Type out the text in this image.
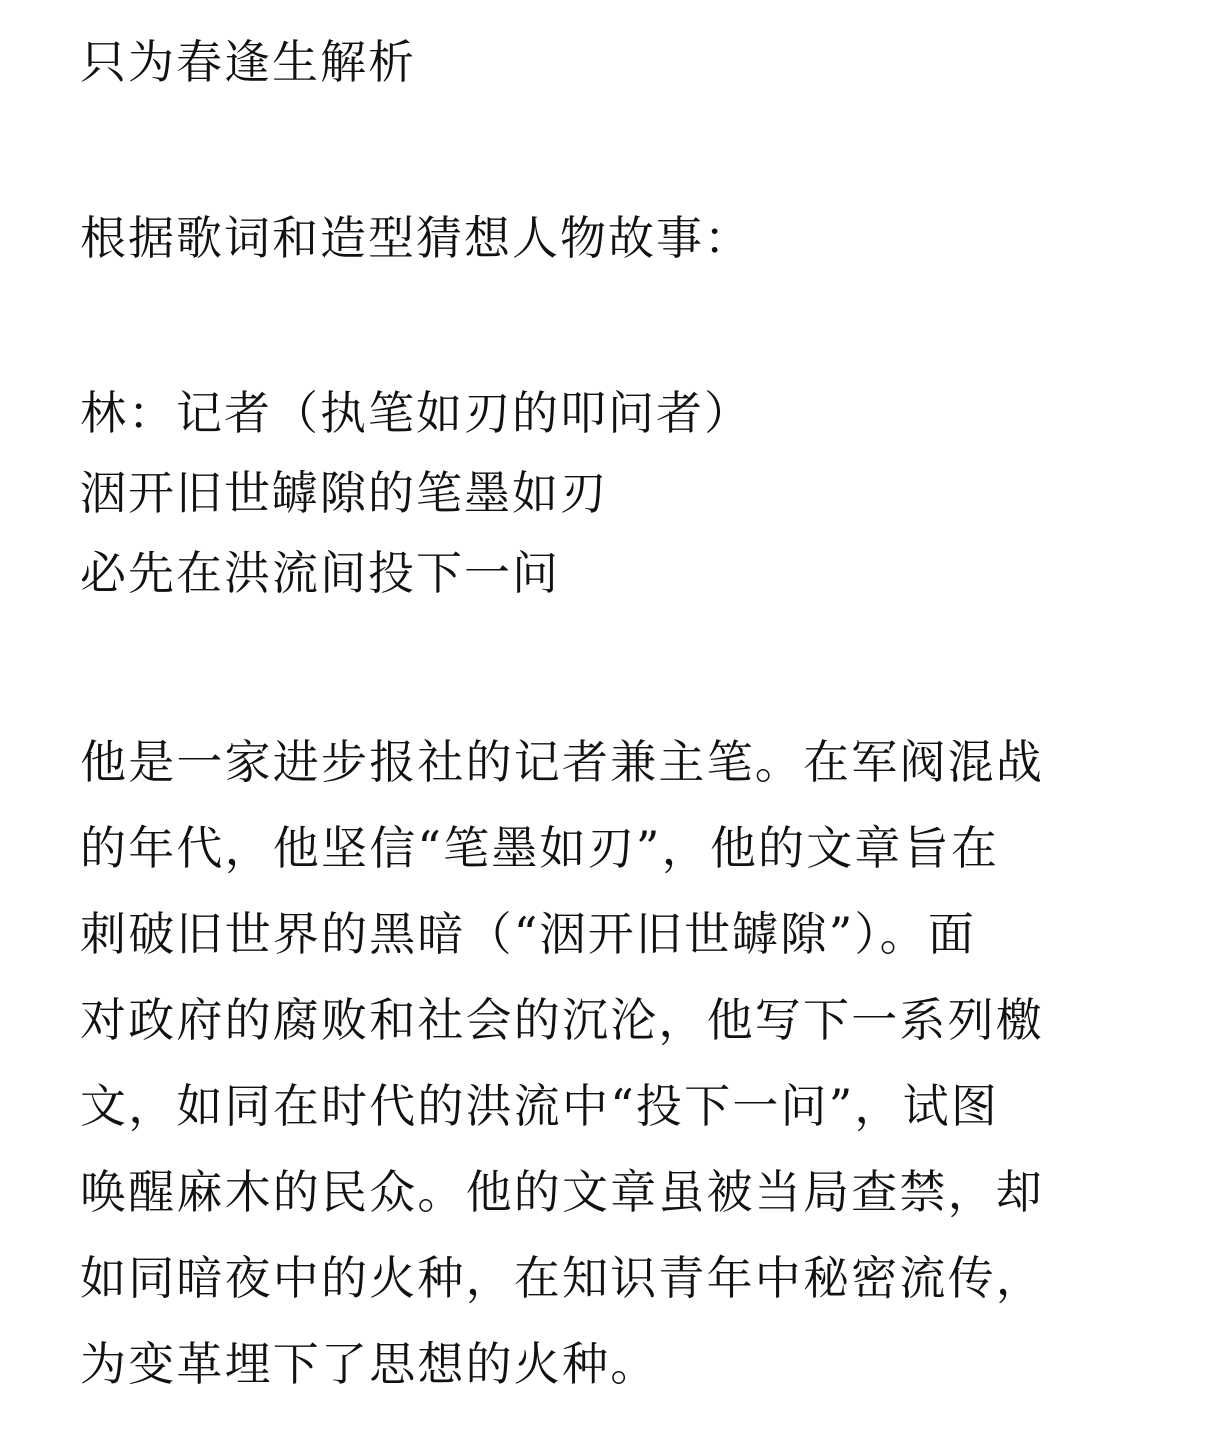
只为春逢生解析
根据歌词和造型猜想人物故事：
林：记者（执笔如刃的叩问者）
洇开旧世罅隙的笔墨如刃
必先在洪流间投下一问
他是一家进步报社的记者兼主笔。在军阀混战
的年代，他坚信“笔墨如刃”，他的文章旨在
刺破旧世界的黑暗（“洇开旧世罅隙”）。面
对政府的腐败和社会的沉沦，他写下一系列檄
文，如同在时代的洪流中“投下一问”，试图
唤醒麻木的民众。他的文章虽被当局查禁，却
如同暗夜中的火种，在知识青年中秘密流传，
为变革埋下了思想的火种。
